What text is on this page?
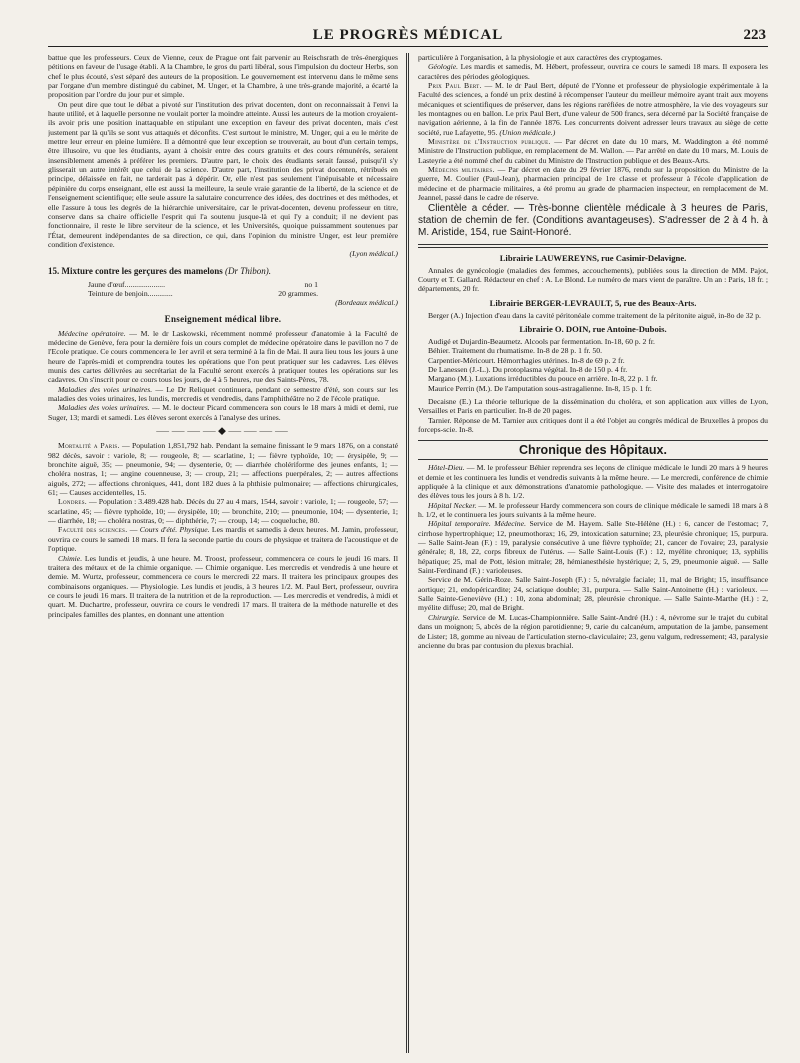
LE PROGRÈS MÉDICAL	223

battue que les professeurs. Ceux de Vienne, ceux de Prague ont fait parvenir au Reischsrath de très-énergiques pétitions en faveur de l'usage établi. A la Chambre, le gros du parti libéral, sous l'impulsion du docteur Herbs, son chef le plus écouté, s'est séparé des auteurs de la proposition. Le gouvernement est intervenu dans le même sens par l'organe d'un membre distingué du cabinet, M. Unger, et la Chambre, à une très-grande majorité, a écarté la proposition par l'ordre du jour pur et simple.

On peut dire que tout le débat a pivoté sur l'institution des privat docenten, dont on reconnaissait à l'envi la haute utilité, et à laquelle personne ne voulait porter la moindre atteinte. Aussi les auteurs de la motion croyaient-ils avoir pris une position inattaquable en stipulant une exception en faveur des privat docenten, mais c'est justement par là qu'ils se sont vus attaqués et déconfits. C'est surtout le ministre, M. Unger, qui a eu le mérite de mettre leur erreur en pleine lumière. Il a démontré que leur exception se trouverait, au bout d'un certain temps, être illusoire, vu que les étudiants, ayant à choisir entre des cours gratuits et des cours rémunérés, seraient insensiblement amenés à préférer les premiers. D'autre part, le choix des étudiants serait faussé, puisqu'il s'y glisserait un autre intérêt que celui de la science. D'autre part, l'institution des privat docenten, rétribués en principe, délaissée en fait, ne tarderait pas à dépérir. Or, elle n'est pas seulement l'inépuisable et nécessaire pépinière du corps enseignant, elle est aussi la meilleure, la seule vraie garantie de la liberté, de la science et de l'enseignement scientifique; elle seule assure la salutaire concurrence des idées, des doctrines et des méthodes, et elle l'assure à tous les degrés de la hiérarchie universitaire, car le privat-docenten, devenu professeur en titre, conserve dans sa chaire officielle l'esprit qui l'a soutenu jusque-là et qui l'y a conduit; il ne devient pas fonctionnaire, il reste le libre serviteur de la science, et les Universités, quoique puissamment soutenues par l'État, demeurent indépendantes de sa direction, ce qui, dans l'opinion du ministre Unger, est leur première condition d'existence.

(Lyon médical.)
15. Mixture contre les gerçures des mamelons (Dr Thibon).
Jaune d'œuf .....................	no 1
Teinture de benjoin .............	20 grammes.
(Bordeaux médical.)
Enseignement médical libre.

Médecine opératoire. — M. le dr Laskowski, récemment nommé professeur d'anatomie à la Faculté de médecine de Genève, fera pour la dernière fois un cours complet de médecine opératoire dans le pavillon no 7 de l'Ecole pratique. Ce cours commencera le 1er avril et sera terminé à la fin de Mai. Il aura lieu tous les jours à une heure de l'après-midi et comprendra toutes les opérations que l'on peut pratiquer sur les cadavres. Les élèves munis des cartes délivrées au secrétariat de la Faculté seront exercés à pratiquer toutes les opérations sur les cadavres. On s'inscrit pour ce cours tous les jours, de 4 à 5 heures, rue des Saints-Pères, 78.

Maladies des voies urinaires. — Le Dr Reliquet continuera, pendant ce semestre d'été, son cours sur les maladies des voies urinaires, les lundis, mercredis et vendredis, dans l'amphithéâtre no 2 de l'école pratique.

Maladies des voies urinaires. — M. le docteur Picard commencera son cours le 18 mars à midi et demi, rue Suger, 13; mardi et samedi. Les élèves seront exercés à l'analyse des urines.

⸺⸺⸺⸺◆⸺⸺⸺⸺

Mortalité a Paris. — Population 1,851,792 hab. Pendant la semaine finissant le 9 mars 1876, on a constaté 982 décès, savoir : variole, 8; — rougeole, 8; — scarlatine, 1; — fièvre typhoïde, 10; — érysipèle, 9; — bronchite aiguë, 35; — pneumonie, 94; — dysenterie, 0; — diarrhée cholériforme des jeunes enfants, 1; — choléra nostras, 1; — angine couenneuse, 3; — croup, 21; — affections puerpérales, 2; — autres affections aiguës, 272; — affections chroniques, 441, dont 182 dues à la phthisie pulmonaire; — affections chirurgicales, 61; — Causes accidentelles, 15.

Londres. — Population : 3.489.428 hab. Décès du 27 au 4 mars, 1544, savoir : variole, 1; — rougeole, 57; — scarlatine, 45; — fièvre typhoïde, 10; — érysipèle, 10; — bronchite, 210; — pneumonie, 104; — dysenterie, 1; — diarrhée, 18; — choléra nostras, 0; — diphthérie, 7; — croup, 14; — coqueluche, 80.

Faculté des sciences. — Cours d'été. Physique. Les mardis et samedis à deux heures. M. Jamin, professeur, ouvrira ce cours le samedi 18 mars. Il fera la seconde partie du cours de physique et traitera de l'acoustique et de l'optique.

Chimie. Les lundis et jeudis, à une heure. M. Troost, professeur, commencera ce cours le jeudi 16 mars. Il traitera des métaux et de la chimie organique. — Chimie organique. Les mercredis et vendredis à une heure et demie. M. Wurtz, professeur, commencera ce cours le mercredi 22 mars. Il traitera les principaux groupes des combinaisons organiques. — Physiologie. Les lundis et jeudis, à 3 heures 1/2. M. Paul Bert, professeur, ouvrira ce cours le jeudi 16 mars. Il traitera de la nutrition et de la reproduction. — Les mercredis et vendredis, à midi et quart. M. Duchartre, professeur, ouvrira ce cours le vendredi 17 mars. Il traitera de la méthode naturelle et des principales familles des plantes, en donnant une attention

particulière à l'organisation, à la physiologie et aux caractères des cryptogames.

Géologie. Les mardis et samedis, M. Hébert, professeur, ouvrira ce cours le samedi 18 mars. Il exposera les caractères des périodes géologiques.

Prix Paul Bert. — M. le dr Paul Bert, député de l'Yonne et professeur de physiologie expérimentale à la Faculté des sciences, a fondé un prix destiné à récompenser l'auteur du meilleur mémoire ayant trait aux moyens mécaniques et scientifiques de préserver, dans les régions raréfiées de notre atmosphère, la vie des voyageurs sur les montagnes ou en ballon. Le prix Paul Bert, d'une valeur de 500 francs, sera décerné par la Société française de navigation aérienne, à la fin de l'année 1876. Les concurrents doivent adresser leurs travaux au siège de cette société, rue Lafayette, 95. (Union médicale.)

Ministère de l'Instruction publique. — Par décret en date du 10 mars, M. Waddington a été nommé Ministre de l'Instruction publique, en remplacement de M. Wallon. — Par arrêté en date du 10 mars, M. Louis de Lasteyrie a été nommé chef du cabinet du Ministre de l'Instruction publique et des Beaux-Arts.

Médecins militaires. — Par décret en date du 29 février 1876, rendu sur la proposition du Ministre de la guerre, M. Coulier (Paul-Jean), pharmacien principal de 1re classe et professeur à l'école d'application de médecine et de pharmacie militaires, a été promu au grade de pharmacien inspecteur, en remplacement de M. Jeannel, passé dans le cadre de réserve.

Clientèle a céder. — Très-bonne clientèle médicale à 3 heures de Paris, station de chemin de fer. (Conditions avantageuses). S'adresser de 2 à 4 h. à M. Aristide, 154, rue Saint-Honoré.

Librairie LAUWEREYNS, rue Casimir-Delavigne.

Annales de gynécologie (maladies des femmes, accouchements), publiées sous la direction de MM. Pajot, Courty et T. Gallard. Rédacteur en chef : A. Le Blond. Le numéro de mars vient de paraître. Un an : Paris, 18 fr. ; départements, 20 fr.

Librairie BERGER-LEVRAULT, 5, rue des Beaux-Arts.

Berger (A.) Injection d'eau dans la cavité péritonéale comme traitement de la péritonite aiguë, in-8o de 32 p.

Librairie O. DOIN, rue Antoine-Dubois.

Audigé et Dujardin-Beaumetz. Alcools par fermentation. In-18, 60 p. 2 fr.

Béhier. Traitement du rhumatisme. In-8 de 28 p. 1 fr. 50.

Carpentier-Méricourt. Hémorrhagies utérines. In-8 de 69 p. 2 fr.

De Lanessen (J.-L.). Du protoplasma végétal. In-8 de 150 p. 4 fr.

Margano (M.). Luxations irréductibles du pouce en arrière. In-8, 22 p. 1 fr.

Maurice Perrin (M.). De l'amputation sous-astragalienne. In-8, 15 p. 1 fr.

Decaisne (E.) La théorie tellurique de la dissémination du choléra, et son application aux villes de Lyon, Versailles et Paris en particulier. In-8 de 20 pages.

Tarnier. Réponse de M. Tarnier aux critiques dont il a été l'objet au congrès médical de Bruxelles à propos du forceps-scie. In-8.

Chronique des Hôpitaux.

Hôtel-Dieu. — M. le professeur Béhier reprendra ses leçons de clinique médicale le lundi 20 mars à 9 heures et demie et les continuera les lundis et vendredis suivants à la même heure. — Le mercredi, conférence de chimie appliquée à la clinique et aux démonstrations d'anatomie pathologique. — Visite des malades et interrogatoire des élèves tous les jours à 8 h. 1/2.

Hôpital Necker. — M. le professeur Hardy commencera son cours de clinique médicale le samedi 18 mars à 8 h. 1/2, et le continuera les jours suivants à la même heure.

Hôpital temporaire. Médecine. Service de M. Hayem. Salle Ste-Hélène (H.) : 6, cancer de l'estomac; 7, cirrhose hypertrophique; 12, pneumothorax; 16, 29, intoxication saturnine; 23, pleurésie chronique; 15, purpura. — Salle Saint-Jean (F.) : 19, paralysie consécutive à une fièvre typhoïde; 21, cancer de l'ovaire; 23, paralysie générale; 8, 18, 22, corps fibreux de l'utérus. — Salle Saint-Louis (F.) : 12, myélite chronique; 13, syphilis hépatique; 25, mal de Pott, lésion mitrale; 28, hémianesthésie hystérique; 2, 5, 29, pneumonie aiguë. — Salle Saint-Ferdinand (F.) : varioleuses.

Service de M. Gérin-Roze. Salle Saint-Joseph (F.) : 5, névralgie faciale; 11, mal de Bright; 15, insuffisance aortique; 21, endopéricardite; 24, sciatique double; 31, purpura. — Salle Saint-Antoinette (H.) : varioleux. — Salle Sainte-Geneviève (H.) : 10, zona abdominal; 28, pleurésie chronique. — Salle Sainte-Marthe (H.) : 2, myélite diffuse; 20, mal de Bright.

Chirurgie. Service de M. Lucas-Championnière. Salle Saint-André (H.) : 4, névrome sur le trajet du cubital dans un moignon; 5, abcès de la région parotidienne; 9, carie du calcanéum, amputation de la jambe, pansement de Lister; 18, gomme au niveau de l'articulation sterno-claviculaire; 23, genu valgum, redressement; 43, paralysie ancienne du bras par contusion du plexus brachial.
